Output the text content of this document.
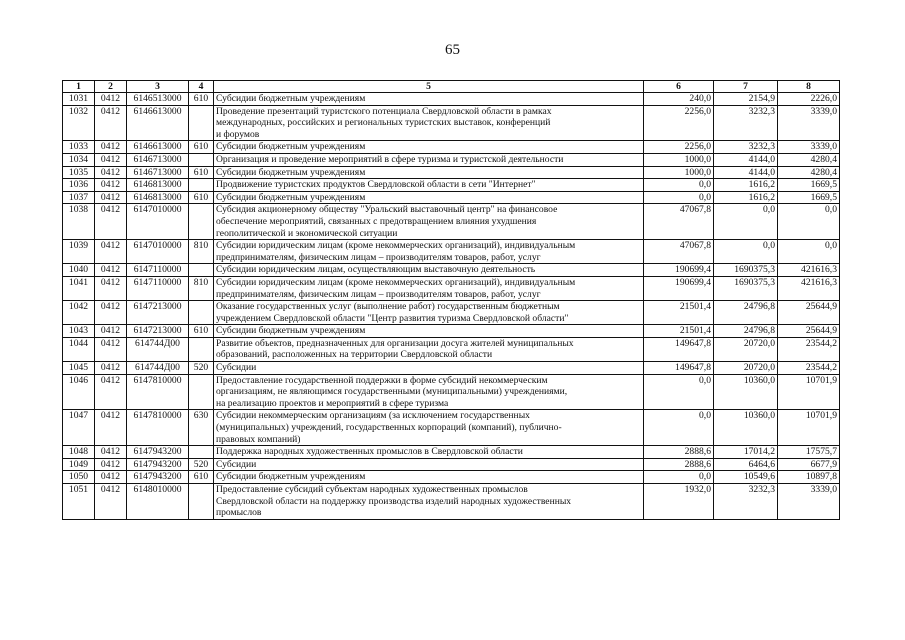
65
1	2	3	4	5	6	7	8
1031	0412	6146513000	610	Субсидии бюджетным учреждениям	240,0	2154,9	2226,0
1032	0412	6146613000		Проведение презентаций туристского потенциала Свердловской области в рамках
международных, российских и региональных туристских выставок, конференций
и форумов	2256,0	3232,3	3339,0
1033	0412	6146613000	610	Субсидии бюджетным учреждениям	2256,0	3232,3	3339,0
1034	0412	6146713000		Организация и проведение мероприятий в сфере туризма и туристской деятельности	1000,0	4144,0	4280,4
1035	0412	6146713000	610	Субсидии бюджетным учреждениям	1000,0	4144,0	4280,4
1036	0412	6146813000		Продвижение туристских продуктов Свердловской области в сети "Интернет"	0,0	1616,2	1669,5
1037	0412	6146813000	610	Субсидии бюджетным учреждениям	0,0	1616,2	1669,5
1038	0412	6147010000		Субсидия акционерному обществу "Уральский выставочный центр" на финансовое
обеспечение мероприятий, связанных с предотвращением влияния ухудшения
геополитической и экономической ситуации	47067,8	0,0	0,0
1039	0412	6147010000	810	Субсидии юридическим лицам (кроме некоммерческих организаций), индивидуальным
предпринимателям, физическим лицам – производителям товаров, работ, услуг	47067,8	0,0	0,0
1040	0412	6147110000		Субсидии юридическим лицам, осуществляющим выставочную деятельность	190699,4	1690375,3	421616,3
1041	0412	6147110000	810	Субсидии юридическим лицам (кроме некоммерческих организаций), индивидуальным
предпринимателям, физическим лицам – производителям товаров, работ, услуг	190699,4	1690375,3	421616,3
1042	0412	6147213000		Оказание государственных услуг (выполнение работ) государственным бюджетным
учреждением Свердловской области "Центр развития туризма Свердловской области"	21501,4	24796,8	25644,9
1043	0412	6147213000	610	Субсидии бюджетным учреждениям	21501,4	24796,8	25644,9
1044	0412	614744Д00		Развитие объектов, предназначенных для организации досуга жителей муниципальных
образований, расположенных на территории Свердловской области	149647,8	20720,0	23544,2
1045	0412	614744Д00	520	Субсидии	149647,8	20720,0	23544,2
1046	0412	6147810000		Предоставление государственной поддержки в форме субсидий некоммерческим
организациям, не являющимся государственными (муниципальными) учреждениями,
на реализацию проектов и мероприятий в сфере туризма	0,0	10360,0	10701,9
1047	0412	6147810000	630	Субсидии некоммерческим организациям (за исключением государственных
(муниципальных) учреждений, государственных корпораций (компаний), публично-
правовых компаний)	0,0	10360,0	10701,9
1048	0412	6147943200		Поддержка народных художественных промыслов в Свердловской области	2888,6	17014,2	17575,7
1049	0412	6147943200	520	Субсидии	2888,6	6464,6	6677,9
1050	0412	6147943200	610	Субсидии бюджетным учреждениям	0,0	10549,6	10897,8
1051	0412	6148010000		Предоставление субсидий субъектам народных художественных промыслов
Свердловской области на поддержку производства изделий народных художественных
промыслов	1932,0	3232,3	3339,0
